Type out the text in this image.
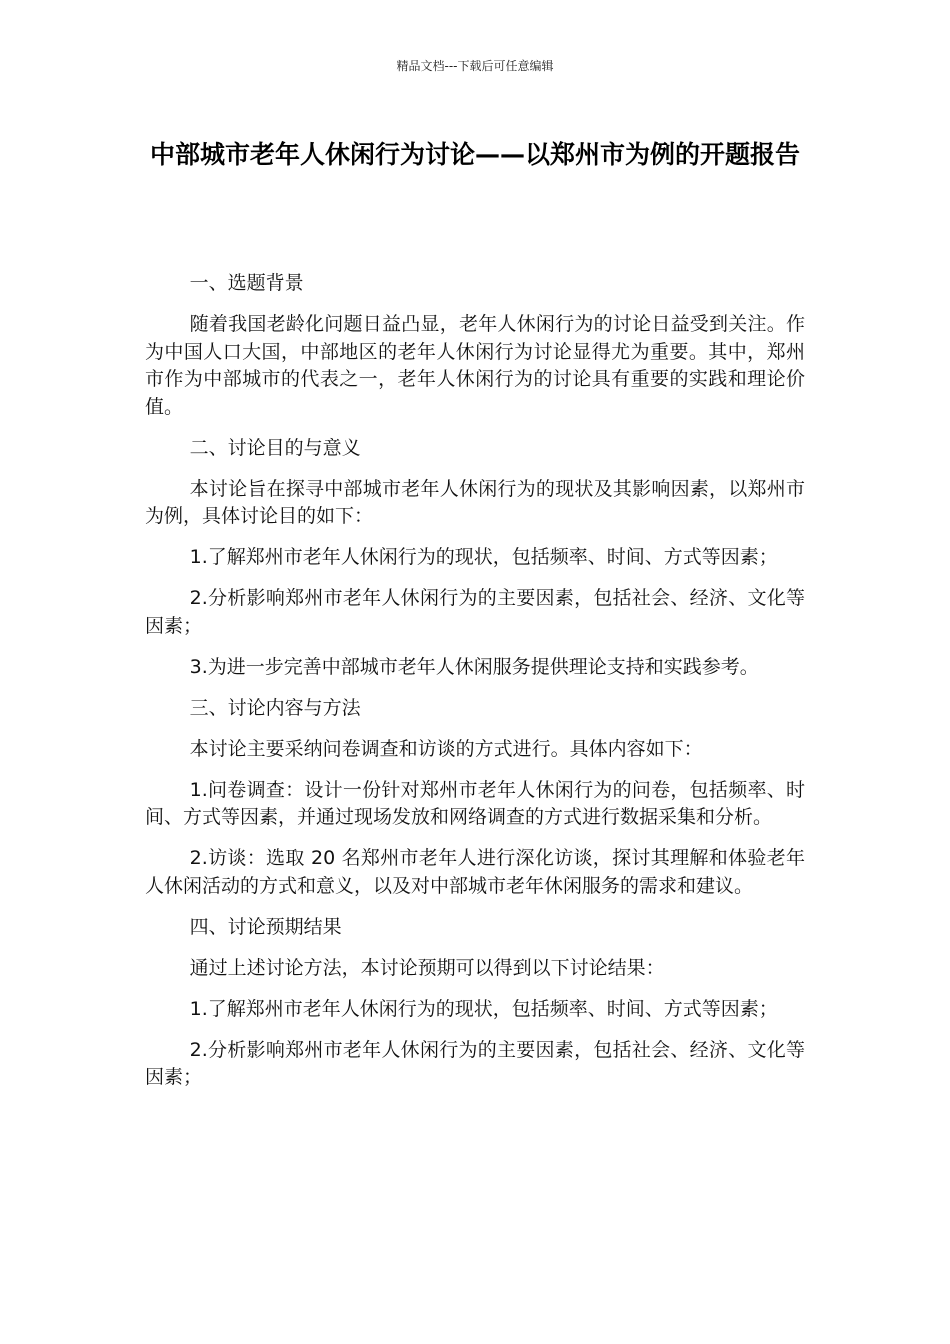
精品文档---下载后可任意编辑
中部城市老年人休闲行为讨论——以郑州市为例的开题报告

一、选题背景

随着我国老龄化问题日益凸显，老年人休闲行为的讨论日益受到关注。作为中国人口大国，中部地区的老年人休闲行为讨论显得尤为重要。其中，郑州市作为中部城市的代表之一，老年人休闲行为的讨论具有重要的实践和理论价值。

二、讨论目的与意义

本讨论旨在探寻中部城市老年人休闲行为的现状及其影响因素，以郑州市为例，具体讨论目的如下：

1.了解郑州市老年人休闲行为的现状，包括频率、时间、方式等因素；

2.分析影响郑州市老年人休闲行为的主要因素，包括社会、经济、文化等因素；

3.为进一步完善中部城市老年人休闲服务提供理论支持和实践参考。

三、讨论内容与方法

本讨论主要采纳问卷调查和访谈的方式进行。具体内容如下：

1.问卷调查：设计一份针对郑州市老年人休闲行为的问卷，包括频率、时间、方式等因素，并通过现场发放和网络调查的方式进行数据采集和分析。

2.访谈：选取 20 名郑州市老年人进行深化访谈，探讨其理解和体验老年人休闲活动的方式和意义，以及对中部城市老年休闲服务的需求和建议。

四、讨论预期结果

通过上述讨论方法，本讨论预期可以得到以下讨论结果：

1.了解郑州市老年人休闲行为的现状，包括频率、时间、方式等因素；

2.分析影响郑州市老年人休闲行为的主要因素，包括社会、经济、文化等因素；
